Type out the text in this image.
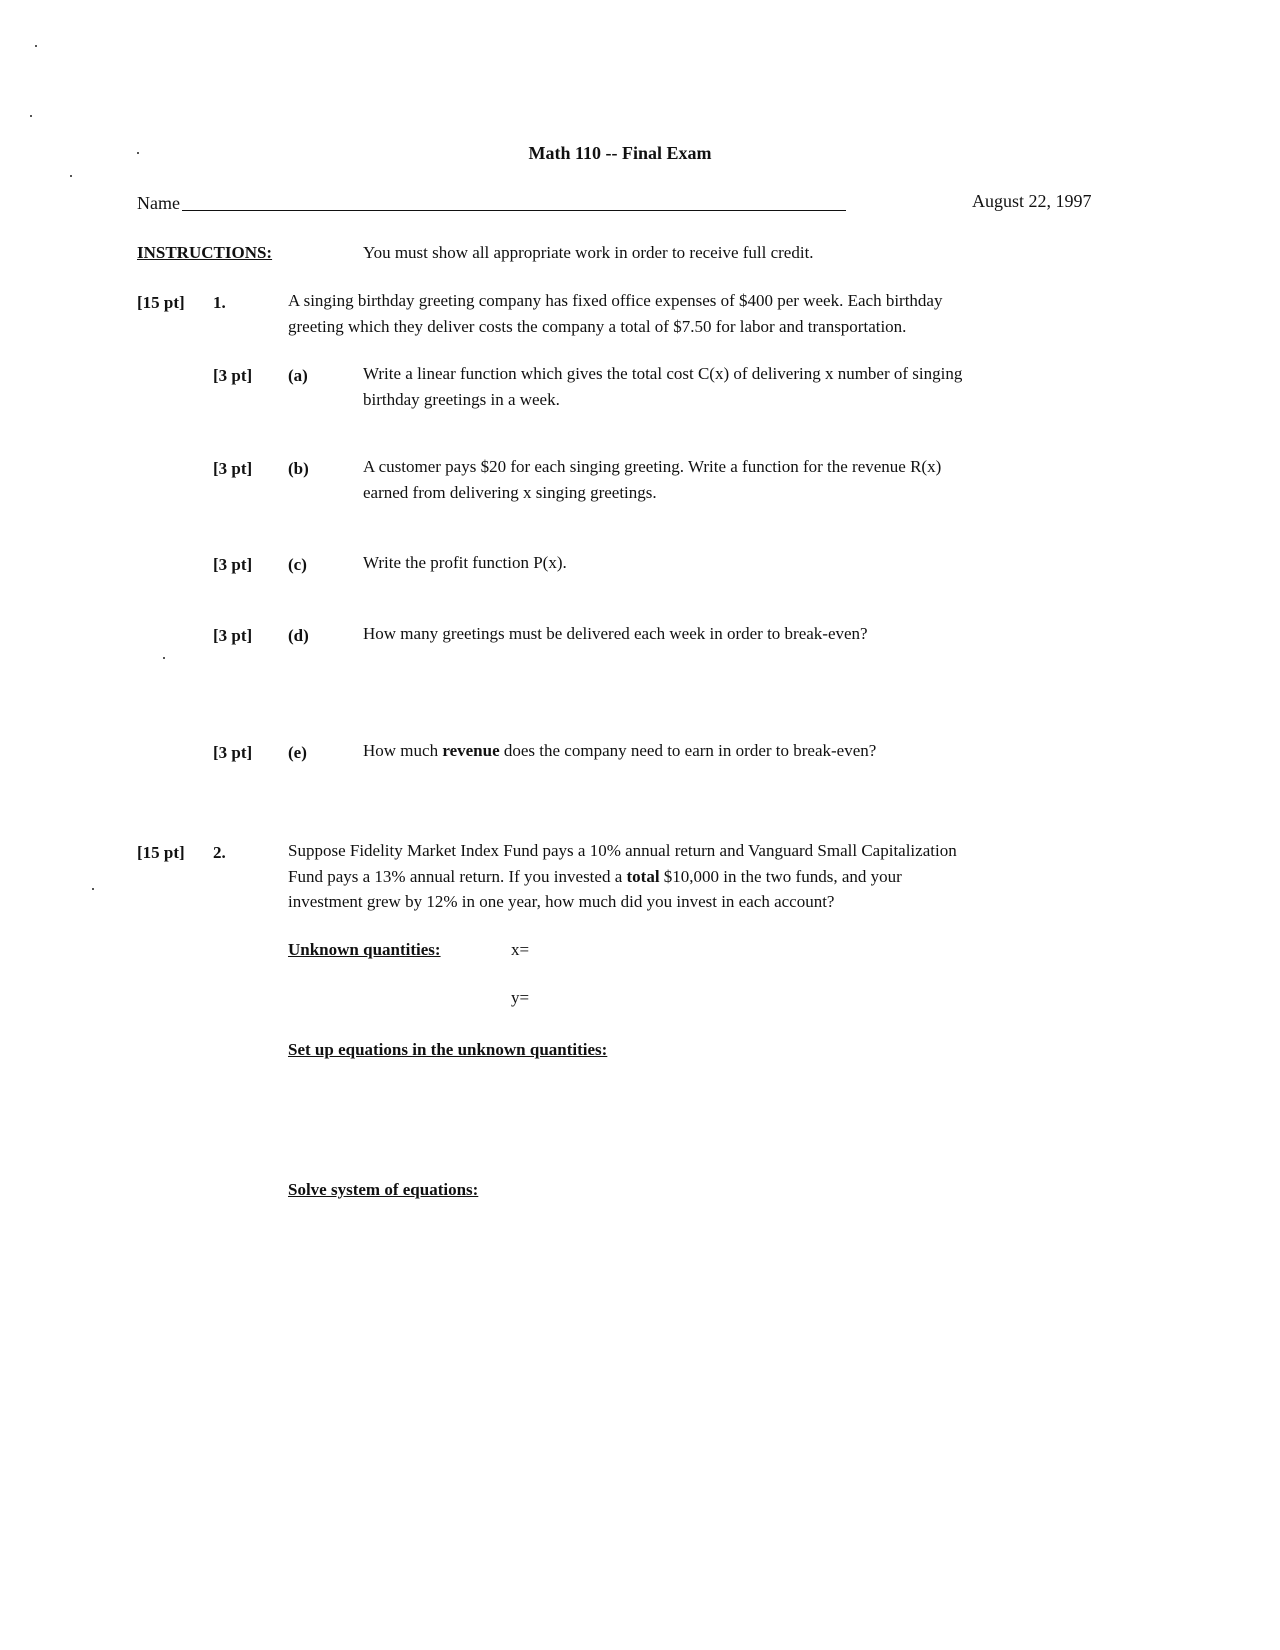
Math 110 -- Final Exam
Name	August 22, 1997
INSTRUCTIONS:	You must show all appropriate work in order to receive full credit.
[15 pt] 1.	A singing birthday greeting company has fixed office expenses of $400 per week. Each birthday
greeting which they deliver costs the company a total of $7.50 for labor and transportation.
[3 pt] (a)	Write a linear function which gives the total cost C(x) of delivering x number of singing
birthday greetings in a week.
[3 pt] (b)	A customer pays $20 for each singing greeting. Write a function for the revenue R(x)
earned from delivering x singing greetings.
[3 pt] (c)	Write the profit function P(x).
[3 pt] (d)	How many greetings must be delivered each week in order to break-even?
[3 pt] (e)	How much revenue does the company need to earn in order to break-even?
[15 pt] 2.	Suppose Fidelity Market Index Fund pays a 10% annual return and Vanguard Small Capitalization
Fund pays a 13% annual return. If you invested a total $10,000 in the two funds, and your
investment grew by 12% in one year, how much did you invest in each account?
Unknown quantities:	x=
y=
Set up equations in the unknown quantities:
Solve system of equations:
